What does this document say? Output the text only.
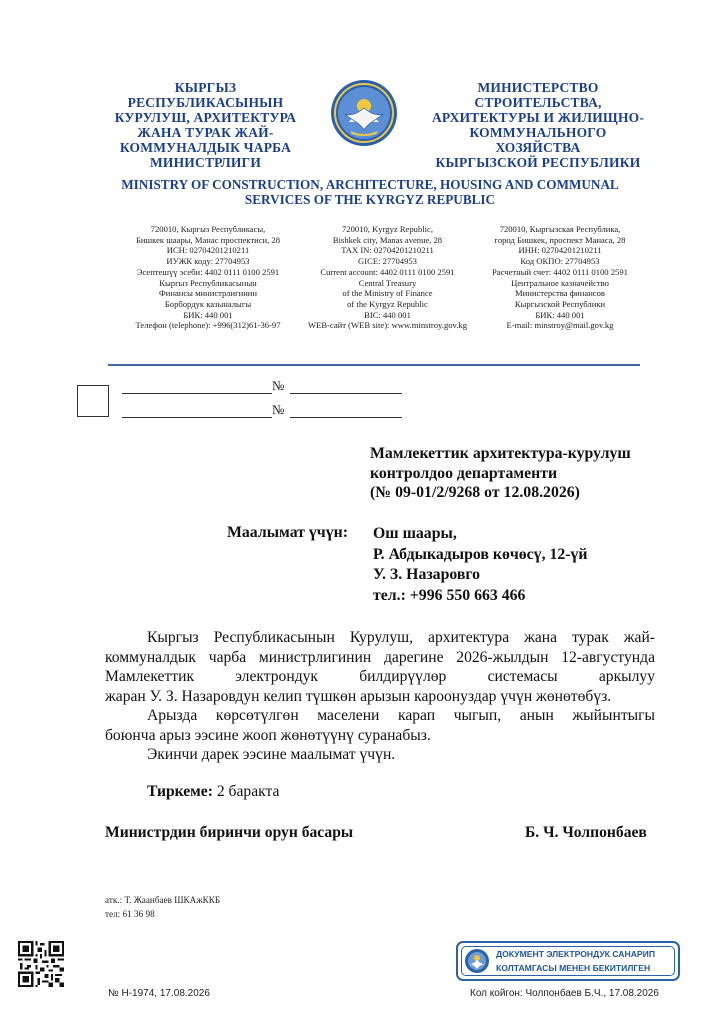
КЫРГЫЗ
РЕСПУБЛИКАСЫНЫН
КУРУЛУШ, АРХИТЕКТУРА
ЖАНА ТУРАК ЖАЙ-
КОММУНАЛДЫК ЧАРБА
МИНИСТРЛИГИ
МИНИСТЕРСТВО
СТРОИТЕЛЬСТВА,
АРХИТЕКТУРЫ И ЖИЛИЩНО-
КОММУНАЛЬНОГО
ХОЗЯЙСТВА
КЫРГЫЗСКОЙ РЕСПУБЛИКИ
MINISTRY OF CONSTRUCTION, ARCHITECTURE, HOUSING AND COMMUNAL
SERVICES OF THE KYRGYZ REPUBLIC
720010, Кыргыз Республикасы,
Бишкек шаары, Манас проспектиси, 28
ИСН: 02704201210211
ИУЖК коду: 27704953
Эсептешүү эсеби: 4402 0111 0100 2591
Кыргыз Республикасынын
Финансы министрлигинин
Борбордук казыналыгы
БИК: 440 001
Телефон (telephone): +996(312)61-36-97
720010, Kyrgyz Republic,
Bishkek city, Manas avenue, 28
TAX IN: 02704201210211
GICE: 27704953
Current account: 4402 0111 0100 2591
Central Treasury
of the Ministry of Finance
of the Kyrgyz Republic
BIC: 440 001
WEB-сайт (WEB site): www.minstroy.gov.kg
720010, Кыргызская Республика,
город Бишкек, проспект Манаса, 28
ИНН: 02704201210211
Код ОКПО: 27704953
Расчетный счет: 4402 0111 0100 2591
Центральное казначейство
Министерства финансов
Кыргызской Республики
БИК: 440 001
E-mail: minstroy@mail.gov.kg
№
№
Мамлекеттик архитектура-курулуш
контролдоо департаменти
(№ 09-01/2/9268 от 12.08.2026)
Маалымат үчүн: Ош шаары,
Р. Абдыкадыров көчөсү, 12-үй
У. З. Назаровго
тел.: +996 550 663 466
Кыргыз Республикасынын Курулуш, архитектура жана турак жай-
коммуналдык чарба министрлигинин дарегине 2026-жылдын 12-августунда
Мамлекеттик электрондук билдирүүлөр системасы аркылуу
жаран У. З. Назаровдун келип түшкөн арызын кароонуздар үчүн жөнөтөбүз.
Арызда көрсөтүлгөн маселени карап чыгып, анын жыйынтыгы
боюнча арыз ээсине жооп жөнөтүүнү суранабыз.
Экинчи дарек ээсине маалымат үчүн.
Тиркеме: 2 баракта
Министрдин биринчи орун басары	Б. Ч. Чолпонбаев
атк.: Т. Жаанбаев ШКАжККБ
тел: 61 36 98
№ Н-1974, 17.08.2026
ДОКУМЕНТ ЭЛЕКТРОНДУК САНАРИП
КОЛТАМГАСЫ МЕНЕН БЕКИТИЛГЕН
Кол койгон: Чолпонбаев Б.Ч., 17.08.2026
